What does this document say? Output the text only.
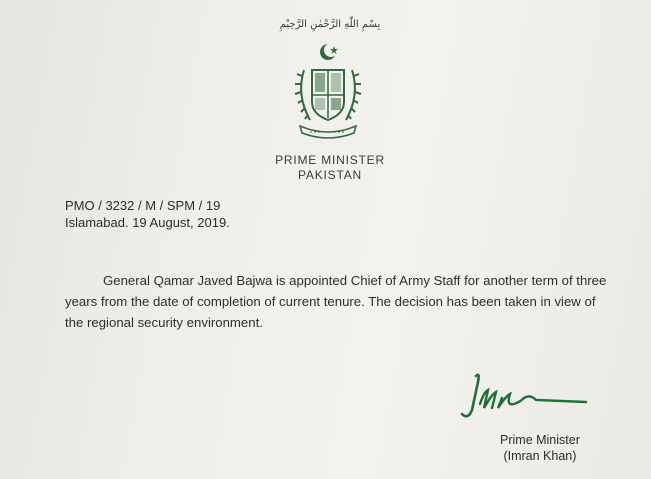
بِسْمِ اللّٰهِ الرَّحْمٰنِ الرَّحِيْمِ
PRIME MINISTER
PAKISTAN
PMO / 3232 / M / SPM / 19
Islamabad. 19 August, 2019.
General Qamar Javed Bajwa is appointed Chief of Army Staff for another term of three years from the date of completion of current tenure. The decision has been taken in view of the regional security environment.
Prime Minister
(Imran Khan)
